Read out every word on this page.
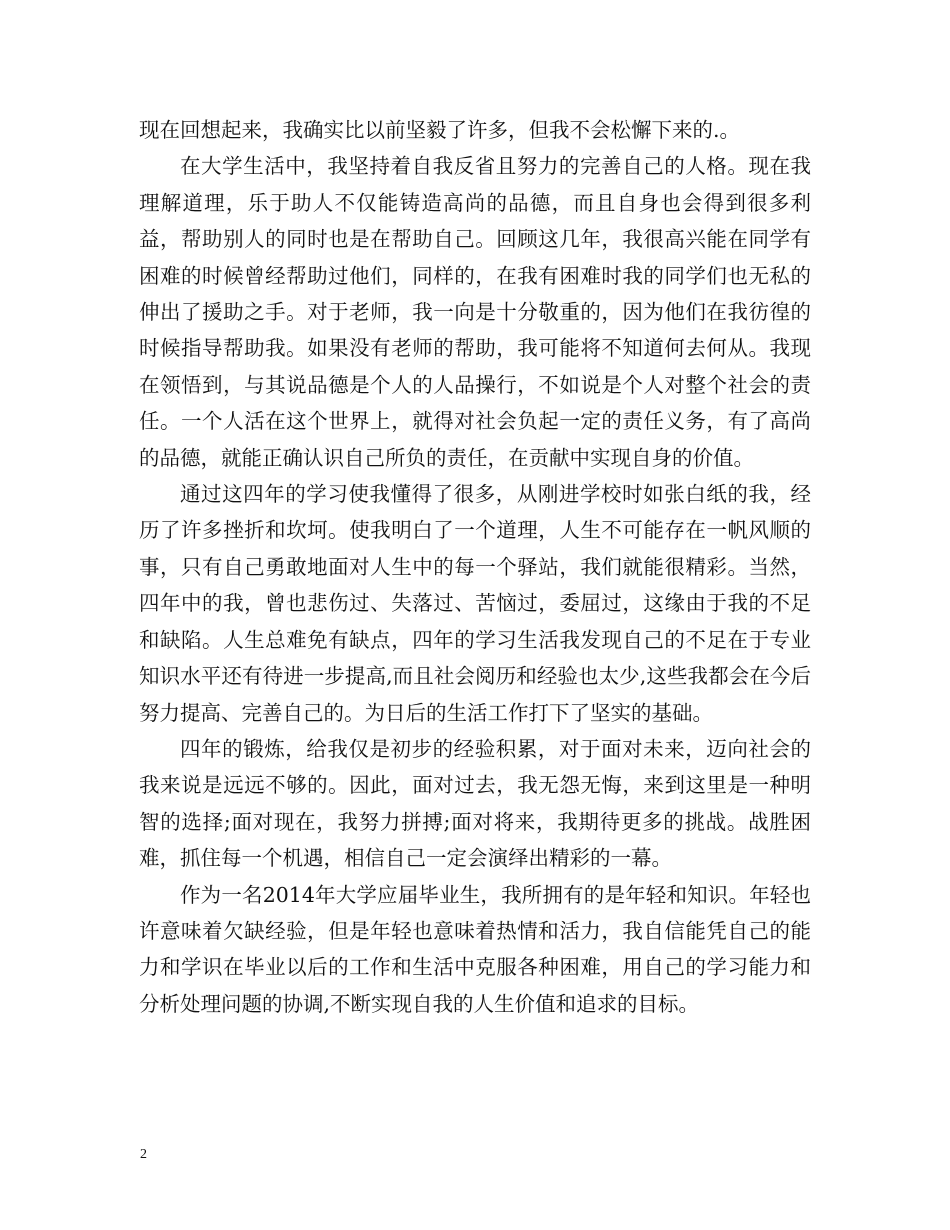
现在回想起来，我确实比以前坚毅了许多，但我不会松懈下来的.。

在大学生活中，我坚持着自我反省且努力的完善自己的人格。现在我理解道理，乐于助人不仅能铸造高尚的品德，而且自身也会得到很多利益，帮助别人的同时也是在帮助自己。回顾这几年，我很高兴能在同学有困难的时候曾经帮助过他们，同样的，在我有困难时我的同学们也无私的伸出了援助之手。对于老师，我一向是十分敬重的，因为他们在我彷徨的时候指导帮助我。如果没有老师的帮助，我可能将不知道何去何从。我现在领悟到，与其说品德是个人的人品操行，不如说是个人对整个社会的责任。一个人活在这个世界上，就得对社会负起一定的责任义务，有了高尚的品德，就能正确认识自己所负的责任，在贡献中实现自身的价值。

通过这四年的学习使我懂得了很多，从刚进学校时如张白纸的我，经历了许多挫折和坎坷。使我明白了一个道理，人生不可能存在一帆风顺的事，只有自己勇敢地面对人生中的每一个驿站，我们就能很精彩。当然，四年中的我，曾也悲伤过、失落过、苦恼过，委屈过，这缘由于我的不足和缺陷。人生总难免有缺点，四年的学习生活我发现自己的不足在于专业知识水平还有待进一步提高,而且社会阅历和经验也太少,这些我都会在今后努力提高、完善自己的。为日后的生活工作打下了坚实的基础。

四年的锻炼，给我仅是初步的经验积累，对于面对未来，迈向社会的我来说是远远不够的。因此，面对过去，我无怨无悔，来到这里是一种明智的选择;面对现在，我努力拼搏;面对将来，我期待更多的挑战。战胜困难，抓住每一个机遇，相信自己一定会演绎出精彩的一幕。

作为一名2014年大学应届毕业生，我所拥有的是年轻和知识。年轻也许意味着欠缺经验，但是年轻也意味着热情和活力，我自信能凭自己的能力和学识在毕业以后的工作和生活中克服各种困难，用自己的学习能力和分析处理问题的协调,不断实现自我的人生价值和追求的目标。

2
